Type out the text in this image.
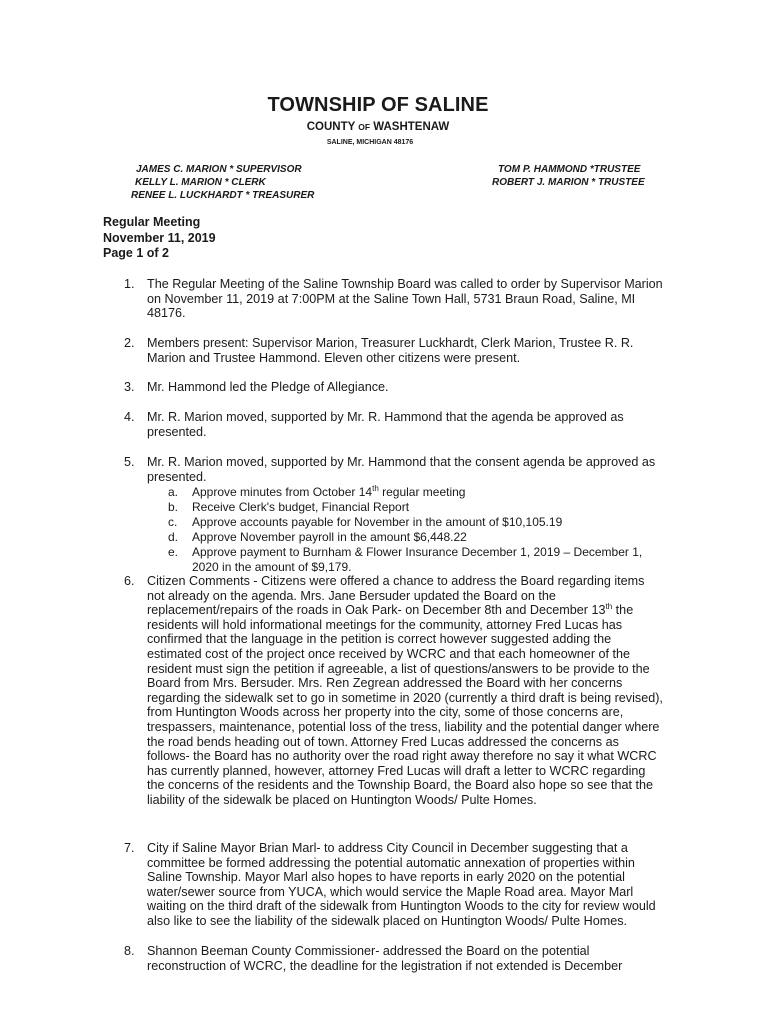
TOWNSHIP OF SALINE
COUNTY OF WASHTENAW
SALINE, MICHIGAN 48176
JAMES C. MARION * SUPERVISOR
KELLY L. MARION * CLERK
RENEE L. LUCKHARDT * TREASURER
TOM P. HAMMOND *TRUSTEE
ROBERT J. MARION * TRUSTEE
Regular Meeting
November 11, 2019
Page 1 of 2
1. The Regular Meeting of the Saline Township Board was called to order by Supervisor Marion on November 11, 2019 at 7:00PM at the Saline Town Hall, 5731 Braun Road, Saline, MI 48176.
2. Members present: Supervisor Marion, Treasurer Luckhardt, Clerk Marion, Trustee R. R. Marion and Trustee Hammond. Eleven other citizens were present.
3. Mr. Hammond led the Pledge of Allegiance.
4. Mr. R. Marion moved, supported by Mr. R. Hammond that the agenda be approved as presented.
5. Mr. R. Marion moved, supported by Mr. Hammond that the consent agenda be approved as presented.
a.	Approve minutes from October 14th regular meeting
b.	Receive Clerk's budget, Financial Report
c.	Approve accounts payable for November in the amount of $10,105.19
d.	Approve November payroll in the amount $6,448.22
e.	Approve payment to Burnham & Flower Insurance December 1, 2019 – December 1, 2020 in the amount of $9,179.
6. Citizen Comments - Citizens were offered a chance to address the Board regarding items not already on the agenda. Mrs. Jane Bersuder updated the Board on the replacement/repairs of the roads in Oak Park- on December 8th and December 13th the residents will hold informational meetings for the community, attorney Fred Lucas has confirmed that the language in the petition is correct however suggested adding the estimated cost of the project once received by WCRC and that each homeowner of the resident must sign the petition if agreeable, a list of questions/answers to be provide to the Board from Mrs. Bersuder. Mrs. Ren Zegrean addressed the Board with her concerns regarding the sidewalk set to go in sometime in 2020 (currently a third draft is being revised), from Huntington Woods across her property into the city, some of those concerns are, trespassers, maintenance, potential loss of the tress, liability and the potential danger where the road bends heading out of town. Attorney Fred Lucas addressed the concerns as follows- the Board has no authority over the road right away therefore no say it what WCRC has currently planned, however, attorney Fred Lucas will draft a letter to WCRC regarding the concerns of the residents and the Township Board, the Board also hope so see that the liability of the sidewalk be placed on Huntington Woods/ Pulte Homes.
7. City if Saline Mayor Brian Marl- to address City Council in December suggesting that a committee be formed addressing the potential automatic annexation of properties within Saline Township. Mayor Marl also hopes to have reports in early 2020 on the potential water/sewer source from YUCA, which would service the Maple Road area. Mayor Marl waiting on the third draft of the sidewalk from Huntington Woods to the city for review would also like to see the liability of the sidewalk placed on Huntington Woods/ Pulte Homes.
8. Shannon Beeman County Commissioner- addressed the Board on the potential reconstruction of WCRC, the deadline for the legistration if not extended is December
